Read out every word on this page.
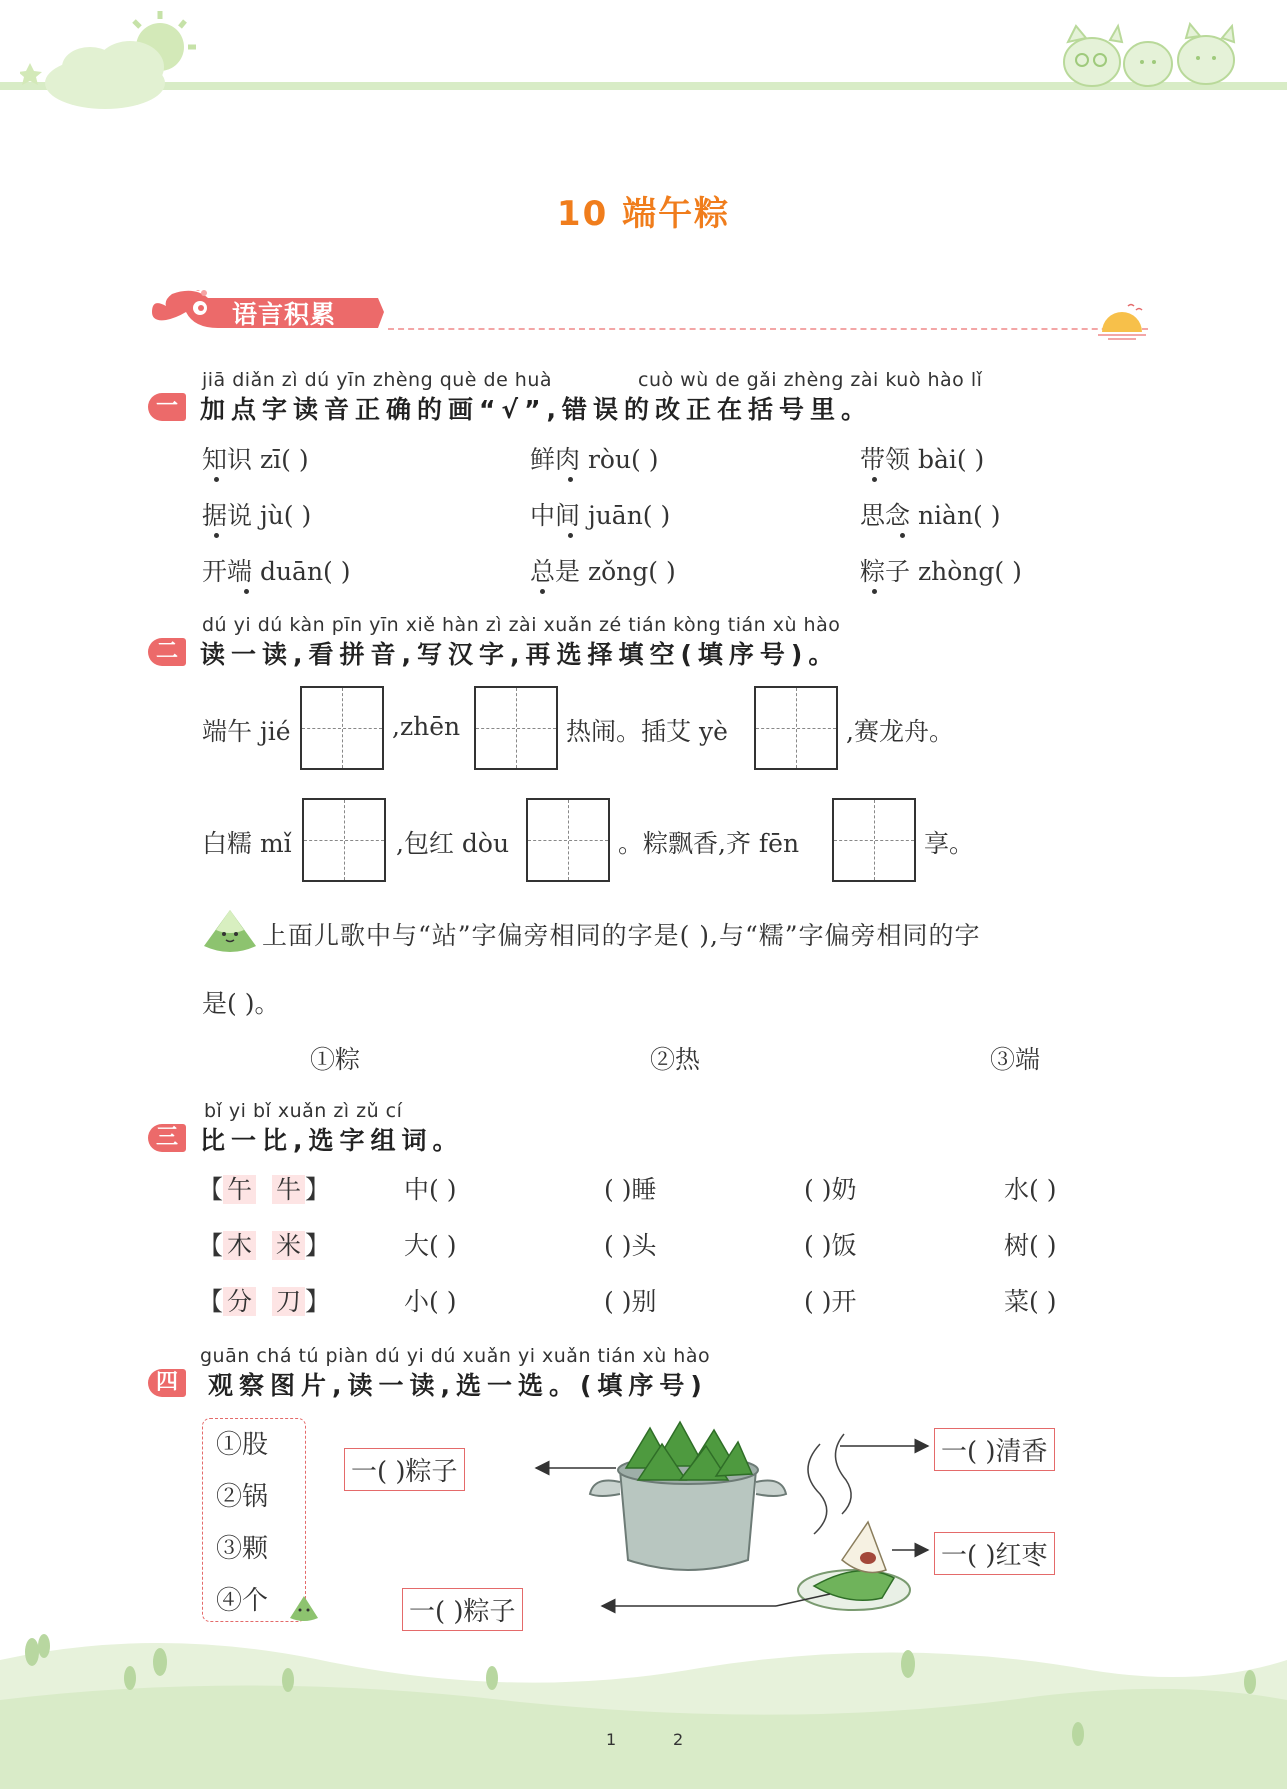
10 端午粽
语言积累
jiā diǎn zì dú yīn zhèng què de huà	cuò wù de gǎi zhèng zài kuò hào lǐ
一 加点字读音正确的画“√”,错误的改正在括号里。
知识 zī( )	鲜肉 ròu( )	带领 bài( )
据说 jù( )	中间 juān( )	思念 niàn( )
开端 duān( )	总是 zǒng( )	粽子 zhòng( )
dú yi dú kàn pīn yīn xiě hàn zì zài xuǎn zé tián kòng tián xù hào
二 读一读,看拼音,写汉字,再选择填空(填序号)。
端午 jié	,zhēn	热闹。插艾 yè	,赛龙舟。
白糯 mǐ	,包红 dòu	。粽飘香,齐 fēn	享。
上面儿歌中与“站”字偏旁相同的字是( ),与“糯”字偏旁相同的字
是( )。
①粽	②热	③端
bǐ yi bǐ xuǎn zì zǔ cí
三 比一比,选字组词。
【 午 牛 】	中( )	( )睡	( )奶	水( )
【 木 米 】	大( )	( )头	( )饭	树( )
【 分 刀 】	小( )	( )别	( )开	菜( )
guān chá tú piàn dú yi dú xuǎn yi xuǎn tián xù hào
四	观察图片,读一读,选一选。(填序号)
①股
②锅
③颗
④个
一( )粽子
一( )粽子
一( )清香
一( )红枣
1	2
